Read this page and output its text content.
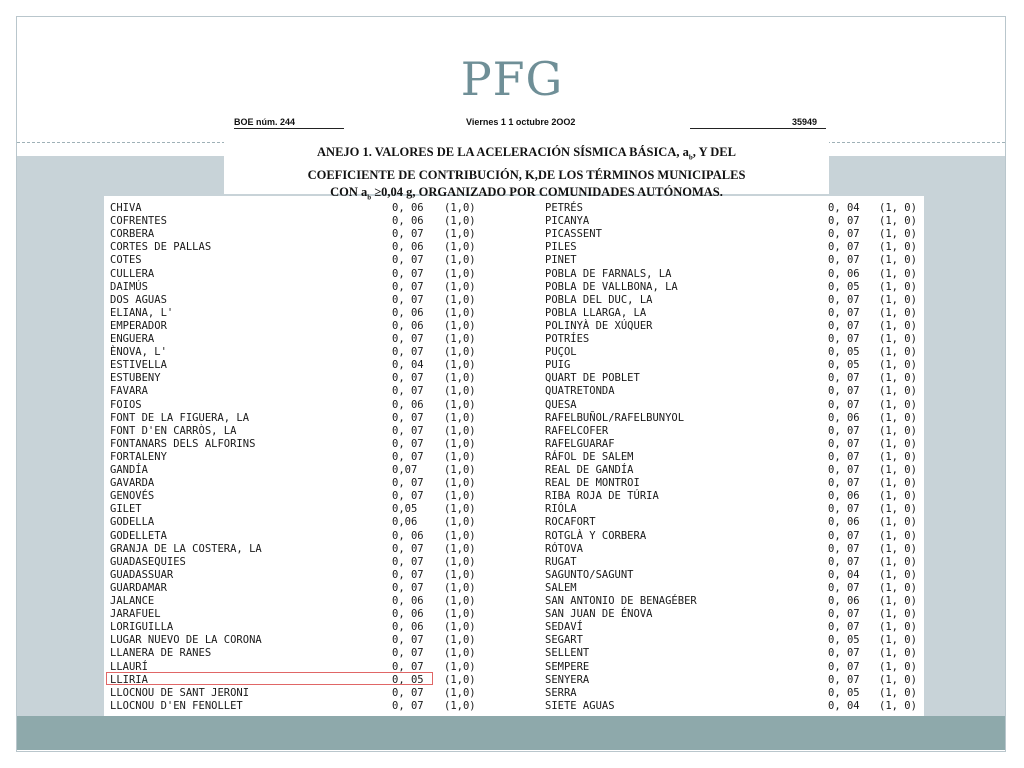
PFG
BOE núm. 244	Viernes 1 1 octubre 2OO2	35949
ANEJO 1. VALORES DE LA ACELERACIÓN SÍSMICA BÁSICA, $a_b$, Y DEL
COEFICIENTE DE CONTRIBUCIÓN, K,DE LOS TÉRMINOS MUNICIPALES
CON $a_b \ge 0,04$ g, ORGANIZADO POR COMUNIDADES AUTÓNOMAS.
CHIVA	0, 06 (1,0)
COFRENTES	0, 06 (1,0)
CORBERA	0, 07 (1,0)
CORTES DE PALLAS	0, 06 (1,0)
COTES	0, 07 (1,0)
CULLERA	0, 07 (1,0)
DAIMÚS	0, 07 (1,0)
DOS AGUAS	0, 07 (1,0)
ELIANA, L'	0, 06 (1,0)
EMPERADOR	0, 06 (1,0)
ENGUERA	0, 07 (1,0)
ÈNOVA, L'	0, 07 (1,0)
ESTIVELLA	0, 04 (1,0)
ESTUBENY	0, 07 (1,0)
FAVARA	0, 07 (1,0)
FOIOS	0, 06 (1,0)
FONT DE LA FIGUERA, LA	0, 07 (1,0)
FONT D'EN CARRÒS, LA	0, 07 (1,0)
FONTANARS DELS ALFORINS	0, 07 (1,0)
FORTALENY	0, 07 (1,0)
GANDÍA	0,07	(1,0)
GAVARDA	0, 07 (1,0)
GENOVÉS	0, 07 (1,0)
GILET	0,05	(1,0)
GODELLA	0,06	(1,0)
GODELLETA	0, 06 (1,0)
GRANJA DE LA COSTERA, LA	0, 07 (1,0)
GUADASEQUIES	0, 07 (1,0)
GUADASSUAR	0, 07 (1,0)
GUARDAMAR	0, 07 (1,0)
JALANCE	0, 06 (1,0)
JARAFUEL	0, 06 (1,0)
LORIGUILLA	0, 06 (1,0)
LUGAR NUEVO DE LA CORONA	0, 07 (1,0)
LLANERA DE RANES	0, 07 (1,0)
LLAURÍ	0, 07 (1,0)
LLIRIA	0, 05 (1,0)
LLOCNOU DE SANT JERONI	0, 07 (1,0)
LLOCNOU D'EN FENOLLET	0, 07 (1,0)
PETRÉS	0, 04 (1, 0)
PICANYA	0, 07 (1, 0)
PICASSENT	0, 07 (1, 0)
PILES	0, 07 (1, 0)
PINET	0, 07 (1, 0)
POBLA DE FARNALS, LA	0, 06 (1, 0)
POBLA DE VALLBONA, LA	0, 05 (1, 0)
POBLA DEL DUC, LA	0, 07 (1, 0)
POBLA LLARGA, LA	0, 07 (1, 0)
POLINYÀ DE XÚQUER	0, 07 (1, 0)
POTRÍES	0, 07 (1, 0)
PUÇOL	0, 05 (1, 0)
PUIG	0, 05 (1, 0)
QUART DE POBLET	0, 07 (1, 0)
QUATRETONDA	0, 07 (1, 0)
QUESA	0, 07 (1, 0)
RAFELBUÑOL/RAFELBUNYOL	0, 06 (1, 0)
RAFELCOFER	0, 07 (1, 0)
RAFELGUARAF	0, 07 (1, 0)
RÁFOL DE SALEM	0, 07 (1, 0)
REAL DE GANDÍA	0, 07 (1, 0)
REAL DE MONTROI	0, 07 (1, 0)
RIBA ROJA DE TÚRIA	0, 06 (1, 0)
RIÓLA	0, 07 (1, 0)
ROCAFORT	0, 06 (1, 0)
ROTGLÀ Y CORBERA	0, 07 (1, 0)
RÓTOVA	0, 07 (1, 0)
RUGAT	0, 07 (1, 0)
SAGUNTO/SAGUNT	0, 04 (1, 0)
SALEM	0, 07 (1, 0)
SAN ANTONIO DE BENAGÉBER	0, 06 (1, 0)
SAN JUAN DE ÉNOVA	0, 07 (1, 0)
SEDAVÍ	0, 07 (1, 0)
SEGART	0, 05 (1, 0)
SELLENT	0, 07 (1, 0)
SEMPERE	0, 07 (1, 0)
SENYERA	0, 07 (1, 0)
SERRA	0, 05 (1, 0)
SIETE AGUAS	0, 04 (1, 0)
